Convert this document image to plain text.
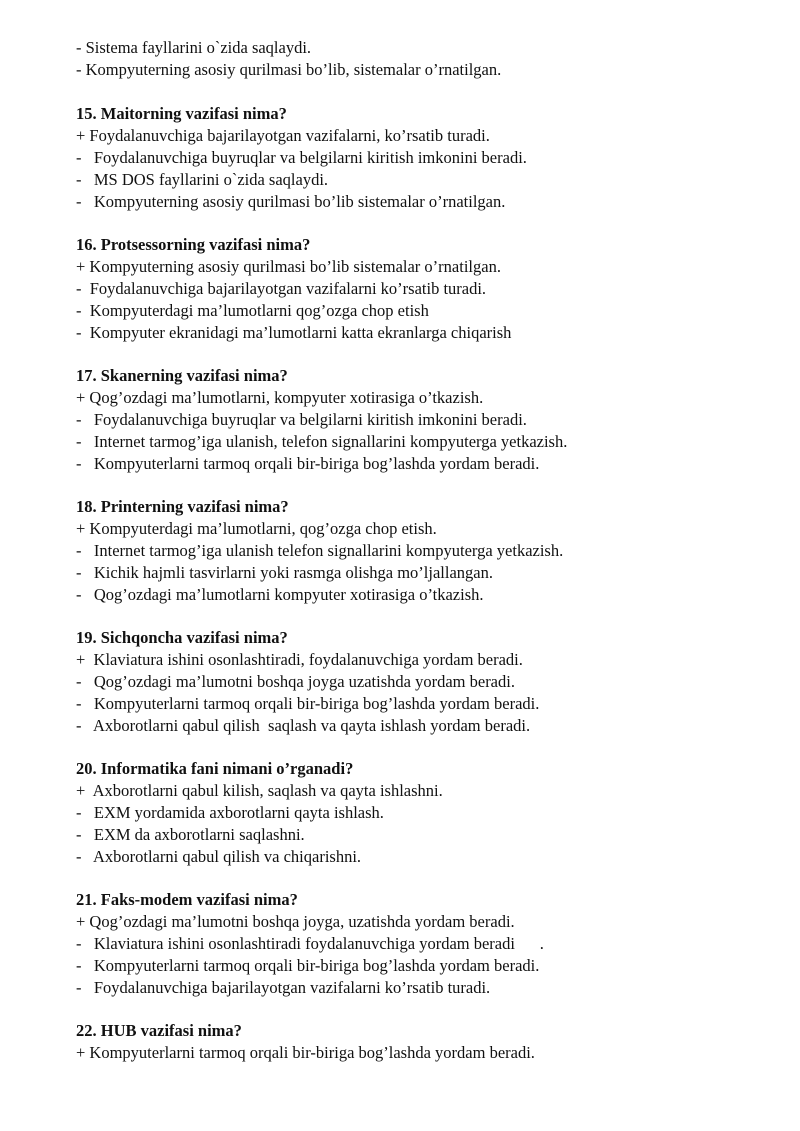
- Sistema fayllarini o`zida saqlaydi.
- Kompyuterning asosiy qurilmasi bo’lib, sistemalar o’rnatilgan.
15. Maitorning vazifasi nima?
+ Foydalanuvchiga bajarilayotgan vazifalarni, ko’rsatib turadi.
-   Foydalanuvchiga buyruqlar va belgilarni kiritish imkonini beradi.
-   MS DOS fayllarini o`zida saqlaydi.
-   Kompyuterning asosiy qurilmasi bo’lib sistemalar o’rnatilgan.
16. Protsessorning vazifasi nima?
+ Kompyuterning asosiy qurilmasi bo’lib sistemalar o’rnatilgan.
-  Foydalanuvchiga bajarilayotgan vazifalarni ko’rsatib turadi.
-  Kompyuterdagi ma’lumotlarni qog’ozga chop etish
-  Kompyuter ekranidagi ma’lumotlarni katta ekranlarga chiqarish
17. Skanerning vazifasi nima?
+ Qog’ozdagi ma’lumotlarni, kompyuter xotirasiga o’tkazish.
-   Foydalanuvchiga buyruqlar va belgilarni kiritish imkonini beradi.
-   Internet tarmog’iga ulanish, telefon signallarini kompyuterga yetkazish.
-   Kompyuterlarni tarmoq orqali bir-biriga bog’lashda yordam beradi.
18. Printerning vazifasi nima?
+ Kompyuterdagi ma’lumotlarni, qog’ozga chop etish.
-   Internet tarmog’iga ulanish telefon signallarini kompyuterga yetkazish.
-   Kichik hajmli tasvirlarni yoki rasmga olishga mo’ljallangan.
-   Qog’ozdagi ma’lumotlarni kompyuter xotirasiga o’tkazish.
19. Sichqoncha vazifasi nima?
+  Klaviatura ishini osonlashtiradi, foydalanuvchiga yordam beradi.
-   Qog’ozdagi ma’lumotni boshqa joyga uzatishda yordam beradi.
-   Kompyuterlarni tarmoq orqali bir-biriga bog’lashda yordam beradi.
-   Axborotlarni qabul qilish  saqlash va qayta ishlash yordam beradi.
20. Informatika fani nimani o’rganadi?
+  Axborotlarni qabul kilish, saqlash va qayta ishlashni.
-   EXM yordamida axborotlarni qayta ishlash.
-   EXM da axborotlarni saqlashni.
-   Axborotlarni qabul qilish va chiqarishni.
21. Faks-modem vazifasi nima?
+ Qog’ozdagi ma’lumotni boshqa joyga, uzatishda yordam beradi.
-   Klaviatura ishini osonlashtiradi foydalanuvchiga yordam beradi      .
-   Kompyuterlarni tarmoq orqali bir-biriga bog’lashda yordam beradi.
-   Foydalanuvchiga bajarilayotgan vazifalarni ko’rsatib turadi.
22. HUB vazifasi nima?
+ Kompyuterlarni tarmoq orqali bir-biriga bog’lashda yordam beradi.
